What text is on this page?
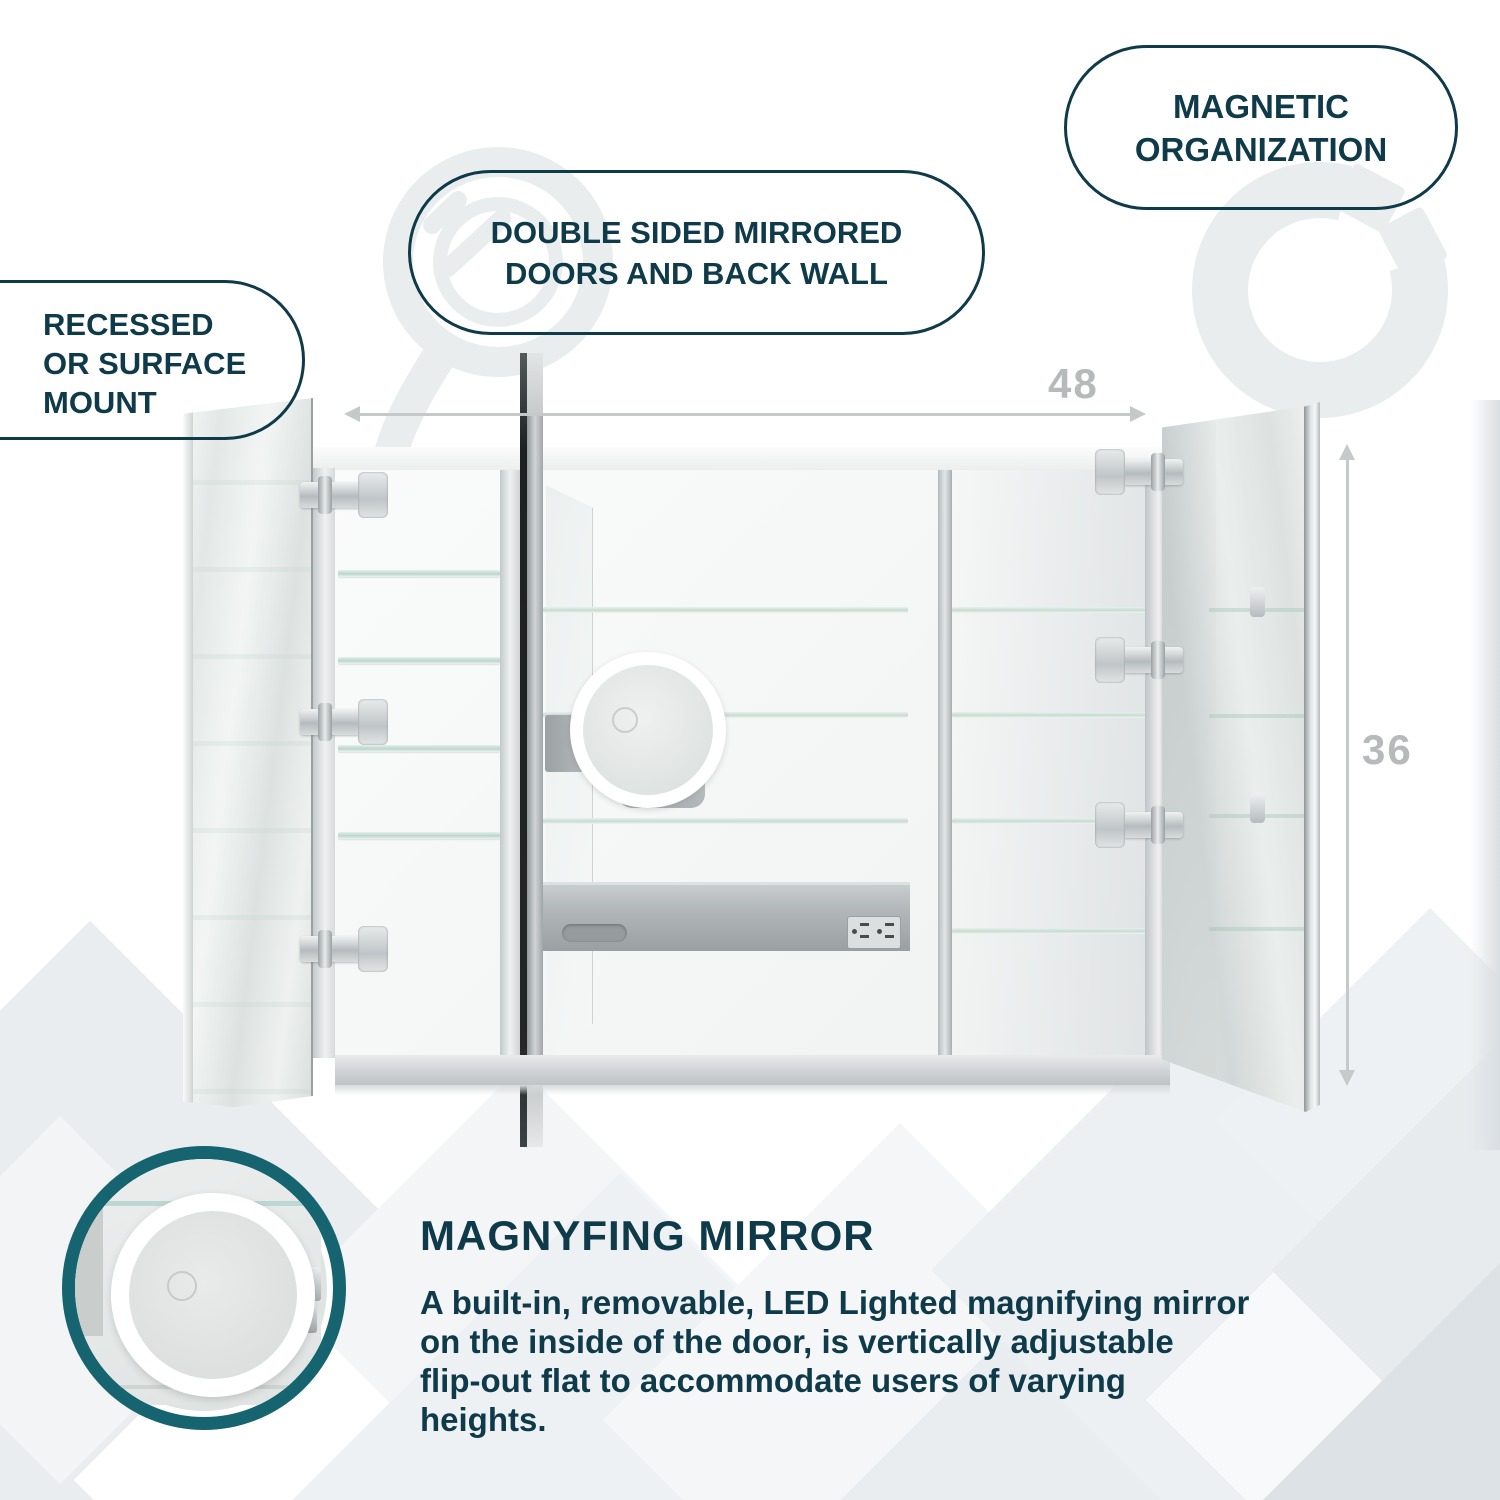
48
36
RECESSED
OR SURFACE
MOUNT
DOUBLE SIDED MIRRORED
DOORS AND BACK WALL
MAGNETIC
ORGANIZATION
MAGNYFING MIRROR
A built-in, removable, LED Lighted magnifying mirror
on the inside of the door, is vertically adjustable
flip-out flat to accommodate users of varying
heights.
